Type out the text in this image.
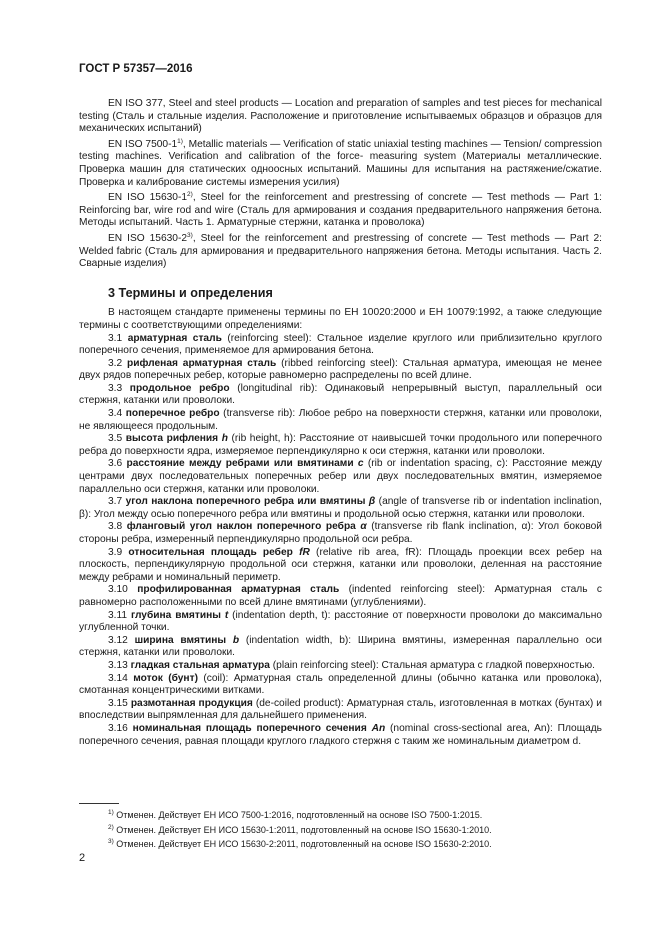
ГОСТ Р 57357—2016

EN ISO 377, Steel and steel products — Location and preparation of samples and test pieces for mechanical testing (Сталь и стальные изделия. Расположение и приготовление испытываемых образцов и образцов для механических испытаний)

EN ISO 7500-1$^{1)}$, Metallic materials — Verification of static uniaxial testing machines — Tension/ compression testing machines. Verification and calibration of the force- measuring system (Материалы металлические. Проверка машин для статических одноосных испытаний. Машины для испытания на растяжение/сжатие. Проверка и калибрование системы измерения усилия)

EN ISO 15630-1$^{2)}$, Steel for the reinforcement and prestressing of concrete — Test methods — Part 1: Reinforcing bar, wire rod and wire (Сталь для армирования и создания предварительного напряжения бетона. Методы испытаний. Часть 1. Арматурные стержни, катанка и проволока)

EN ISO 15630-2$^{3)}$, Steel for the reinforcement and prestressing of concrete — Test methods — Part 2: Welded fabric (Сталь для армирования и предварительного напряжения бетона. Методы испытания. Часть 2. Сварные изделия)

3 Термины и определения

В настоящем стандарте применены термины по ЕН 10020:2000 и ЕН 10079:1992, а также следующие термины с соответствующими определениями:

3.1 арматурная сталь (reinforcing steel): Стальное изделие круглого или приблизительно круглого поперечного сечения, применяемое для армирования бетона.

3.2 рифленая арматурная сталь (ribbed reinforcing steel): Стальная арматура, имеющая не менее двух рядов поперечных ребер, которые равномерно распределены по всей длине.

3.3 продольное ребро (longitudinal rib): Одинаковый непрерывный выступ, параллельный оси стержня, катанки или проволоки.

3.4 поперечное ребро (transverse rib): Любое ребро на поверхности стержня, катанки или проволоки, не являющееся продольным.

3.5 высота рифления h (rib height, h): Расстояние от наивысшей точки продольного или поперечного ребра до поверхности ядра, измеряемое перпендикулярно к оси стержня, катанки или проволоки.

3.6 расстояние между ребрами или вмятинами c (rib or indentation spacing, c): Расстояние между центрами двух последовательных поперечных ребер или двух последовательных вмятин, измеряемое параллельно оси стержня, катанки или проволоки.

3.7 угол наклона поперечного ребра или вмятины β (angle of transverse rib or indentation inclination, β): Угол между осью поперечного ребра или вмятины и продольной осью стержня, катанки или проволоки.

3.8 фланговый угол наклон поперечного ребра α (transverse rib flank inclination, α): Угол боковой стороны ребра, измеренный перпендикулярно продольной оси ребра.

3.9 относительная площадь ребер fR (relative rib area, fR): Площадь проекции всех ребер на плоскость, перпендикулярную продольной оси стержня, катанки или проволоки, деленная на расстояние между ребрами и номинальный периметр.

3.10 профилированная арматурная сталь (indented reinforcing steel): Арматурная сталь с равномерно расположенными по всей длине вмятинами (углублениями).

3.11 глубина вмятины t (indentation depth, t): расстояние от поверхности проволоки до максимально углубленной точки.

3.12 ширина вмятины b (indentation width, b): Ширина вмятины, измеренная параллельно оси стержня, катанки или проволоки.

3.13 гладкая стальная арматура (plain reinforcing steel): Стальная арматура с гладкой поверхностью.

3.14 моток (бунт) (coil): Арматурная сталь определенной длины (обычно катанка или проволока), смотанная концентрическими витками.

3.15 размотанная продукция (de-coiled product): Арматурная сталь, изготовленная в мотках (бунтах) и впоследствии выпрямленная для дальнейшего применения.

3.16 номинальная площадь поперечного сечения An (nominal cross-sectional area, An): Площадь поперечного сечения, равная площади круглого гладкого стержня с таким же номинальным диаметром d.

$^{1)}$ Отменен. Действует ЕН ИСО 7500-1:2016, подготовленный на основе ISO 7500-1:2015.

$^{2)}$ Отменен. Действует ЕН ИСО 15630-1:2011, подготовленный на основе ISO 15630-1:2010.

$^{3)}$ Отменен. Действует ЕН ИСО 15630-2:2011, подготовленный на основе ISO 15630-2:2010.

2
